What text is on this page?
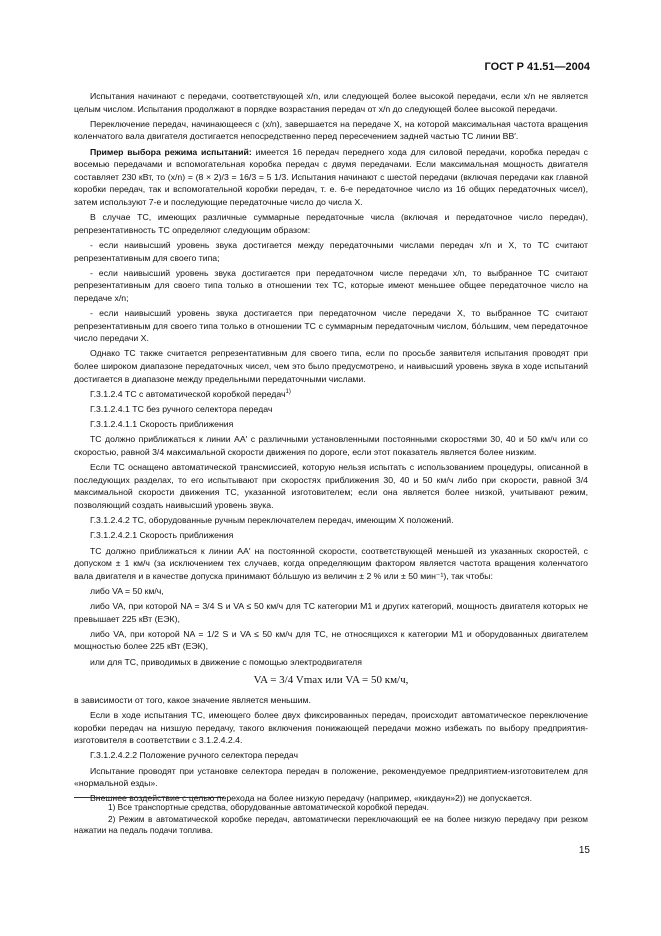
ГОСТ Р 41.51—2004

Испытания начинают с передачи, соответствующей x/n, или следующей более высокой передачи, если x/n не является целым числом. Испытания продолжают в порядке возрастания передач от x/n до следующей более высокой передачи.

Переключение передач, начинающееся с (x/n), завершается на передаче X, на которой максимальная частота вращения коленчатого вала двигателя достигается непосредственно перед пересечением задней частью ТС линии BB′.

Пример выбора режима испытаний: имеется 16 передач переднего хода для силовой передачи, коробка передач с восемью передачами и вспомогательная коробка передач с двумя передачами. Если максимальная мощность двигателя составляет 230 кВт, то (x/n) = (8 × 2)/3 = 16/3 = 5 1/3. Испытания начинают с шестой передачи (включая передачи как главной коробки передач, так и вспомогательной коробки передач, т. е. 6-е передаточное число из 16 общих передаточных чисел), затем используют 7-е и последующие передаточные число до числа X.

В случае ТС, имеющих различные суммарные передаточные числа (включая и передаточное число передач), репрезентативность ТС определяют следующим образом:

- если наивысший уровень звука достигается между передаточными числами передач x/n и X, то ТС считают репрезентативным для своего типа;

- если наивысший уровень звука достигается при передаточном числе передачи x/n, то выбранное ТС считают репрезентативным для своего типа только в отношении тех ТС, которые имеют меньшее общее передаточное число на передаче x/n;

- если наивысший уровень звука достигается при передаточном числе передачи X, то выбранное ТС считают репрезентативным для своего типа только в отношении ТС с суммарным передаточным числом, бо́льшим, чем передаточное число передачи X.

Однако ТС также считается репрезентативным для своего типа, если по просьбе заявителя испытания проводят при более широком диапазоне передаточных чисел, чем это было предусмотрено, и наивысший уровень звука в ходе испытаний достигается в диапазоне между предельными передаточными числами.

Г.3.1.2.4 ТС с автоматической коробкой передач$^{1)}$

Г.3.1.2.4.1 ТС без ручного селектора передач

Г.3.1.2.4.1.1 Скорость приближения

ТС должно приближаться к линии AA′ с различными установленными постоянными скоростями 30, 40 и 50 км/ч или со скоростью, равной 3/4 максимальной скорости движения по дороге, если этот показатель является более низким.

Если ТС оснащено автоматической трансмиссией, которую нельзя испытать с использованием процедуры, описанной в последующих разделах, то его испытывают при скоростях приближения 30, 40 и 50 км/ч либо при скорости, равной 3/4 максимальной скорости движения ТС, указанной изготовителем; если она является более низкой, учитывают режим, позволяющий создать наивысший уровень звука.

Г.3.1.2.4.2 ТС, оборудованные ручным переключателем передач, имеющим X положений.

Г.3.1.2.4.2.1 Скорость приближения

ТС должно приближаться к линии AA′ на постоянной скорости, соответствующей меньшей из указанных скоростей, с допуском ± 1 км/ч (за исключением тех случаев, когда определяющим фактором является частота вращения коленчатого вала двигателя и в качестве допуска принимают бо́льшую из величин ± 2 % или ± 50 мин⁻¹), так чтобы:

либо VA = 50 км/ч,

либо VA, при которой NA = 3/4 S и VA ≤ 50 км/ч для ТС категории M1 и других категорий, мощность двигателя которых не превышает 225 кВт (ЕЭК),

либо VA, при которой NA = 1/2 S и VA ≤ 50 км/ч для ТС, не относящихся к категории M1 и оборудованных двигателем мощностью более 225 кВт (ЕЭК),

или для ТС, приводимых в движение с помощью электродвигателя

VA = 3/4 Vmax или VA = 50 км/ч,

в зависимости от того, какое значение является меньшим.

Если в ходе испытания ТС, имеющего более двух фиксированных передач, происходит автоматическое переключение коробки передач на низшую передачу, такого включения понижающей передачи можно избежать по выбору предприятия-изготовителя в соответствии с 3.1.2.4.2.4.

Г.3.1.2.4.2.2 Положение ручного селектора передач

Испытание проводят при установке селектора передач в положение, рекомендуемое предприятием-изготовителем для «нормальной езды».

Внешнее воздействие с целью перехода на более низкую передачу (например, «кикдаун»2)) не допускается.

1) Все транспортные средства, оборудованные автоматической коробкой передач.

2) Режим в автоматической коробке передач, автоматически переключающий ее на более низкую передачу при резком нажатии на педаль подачи топлива.

15
